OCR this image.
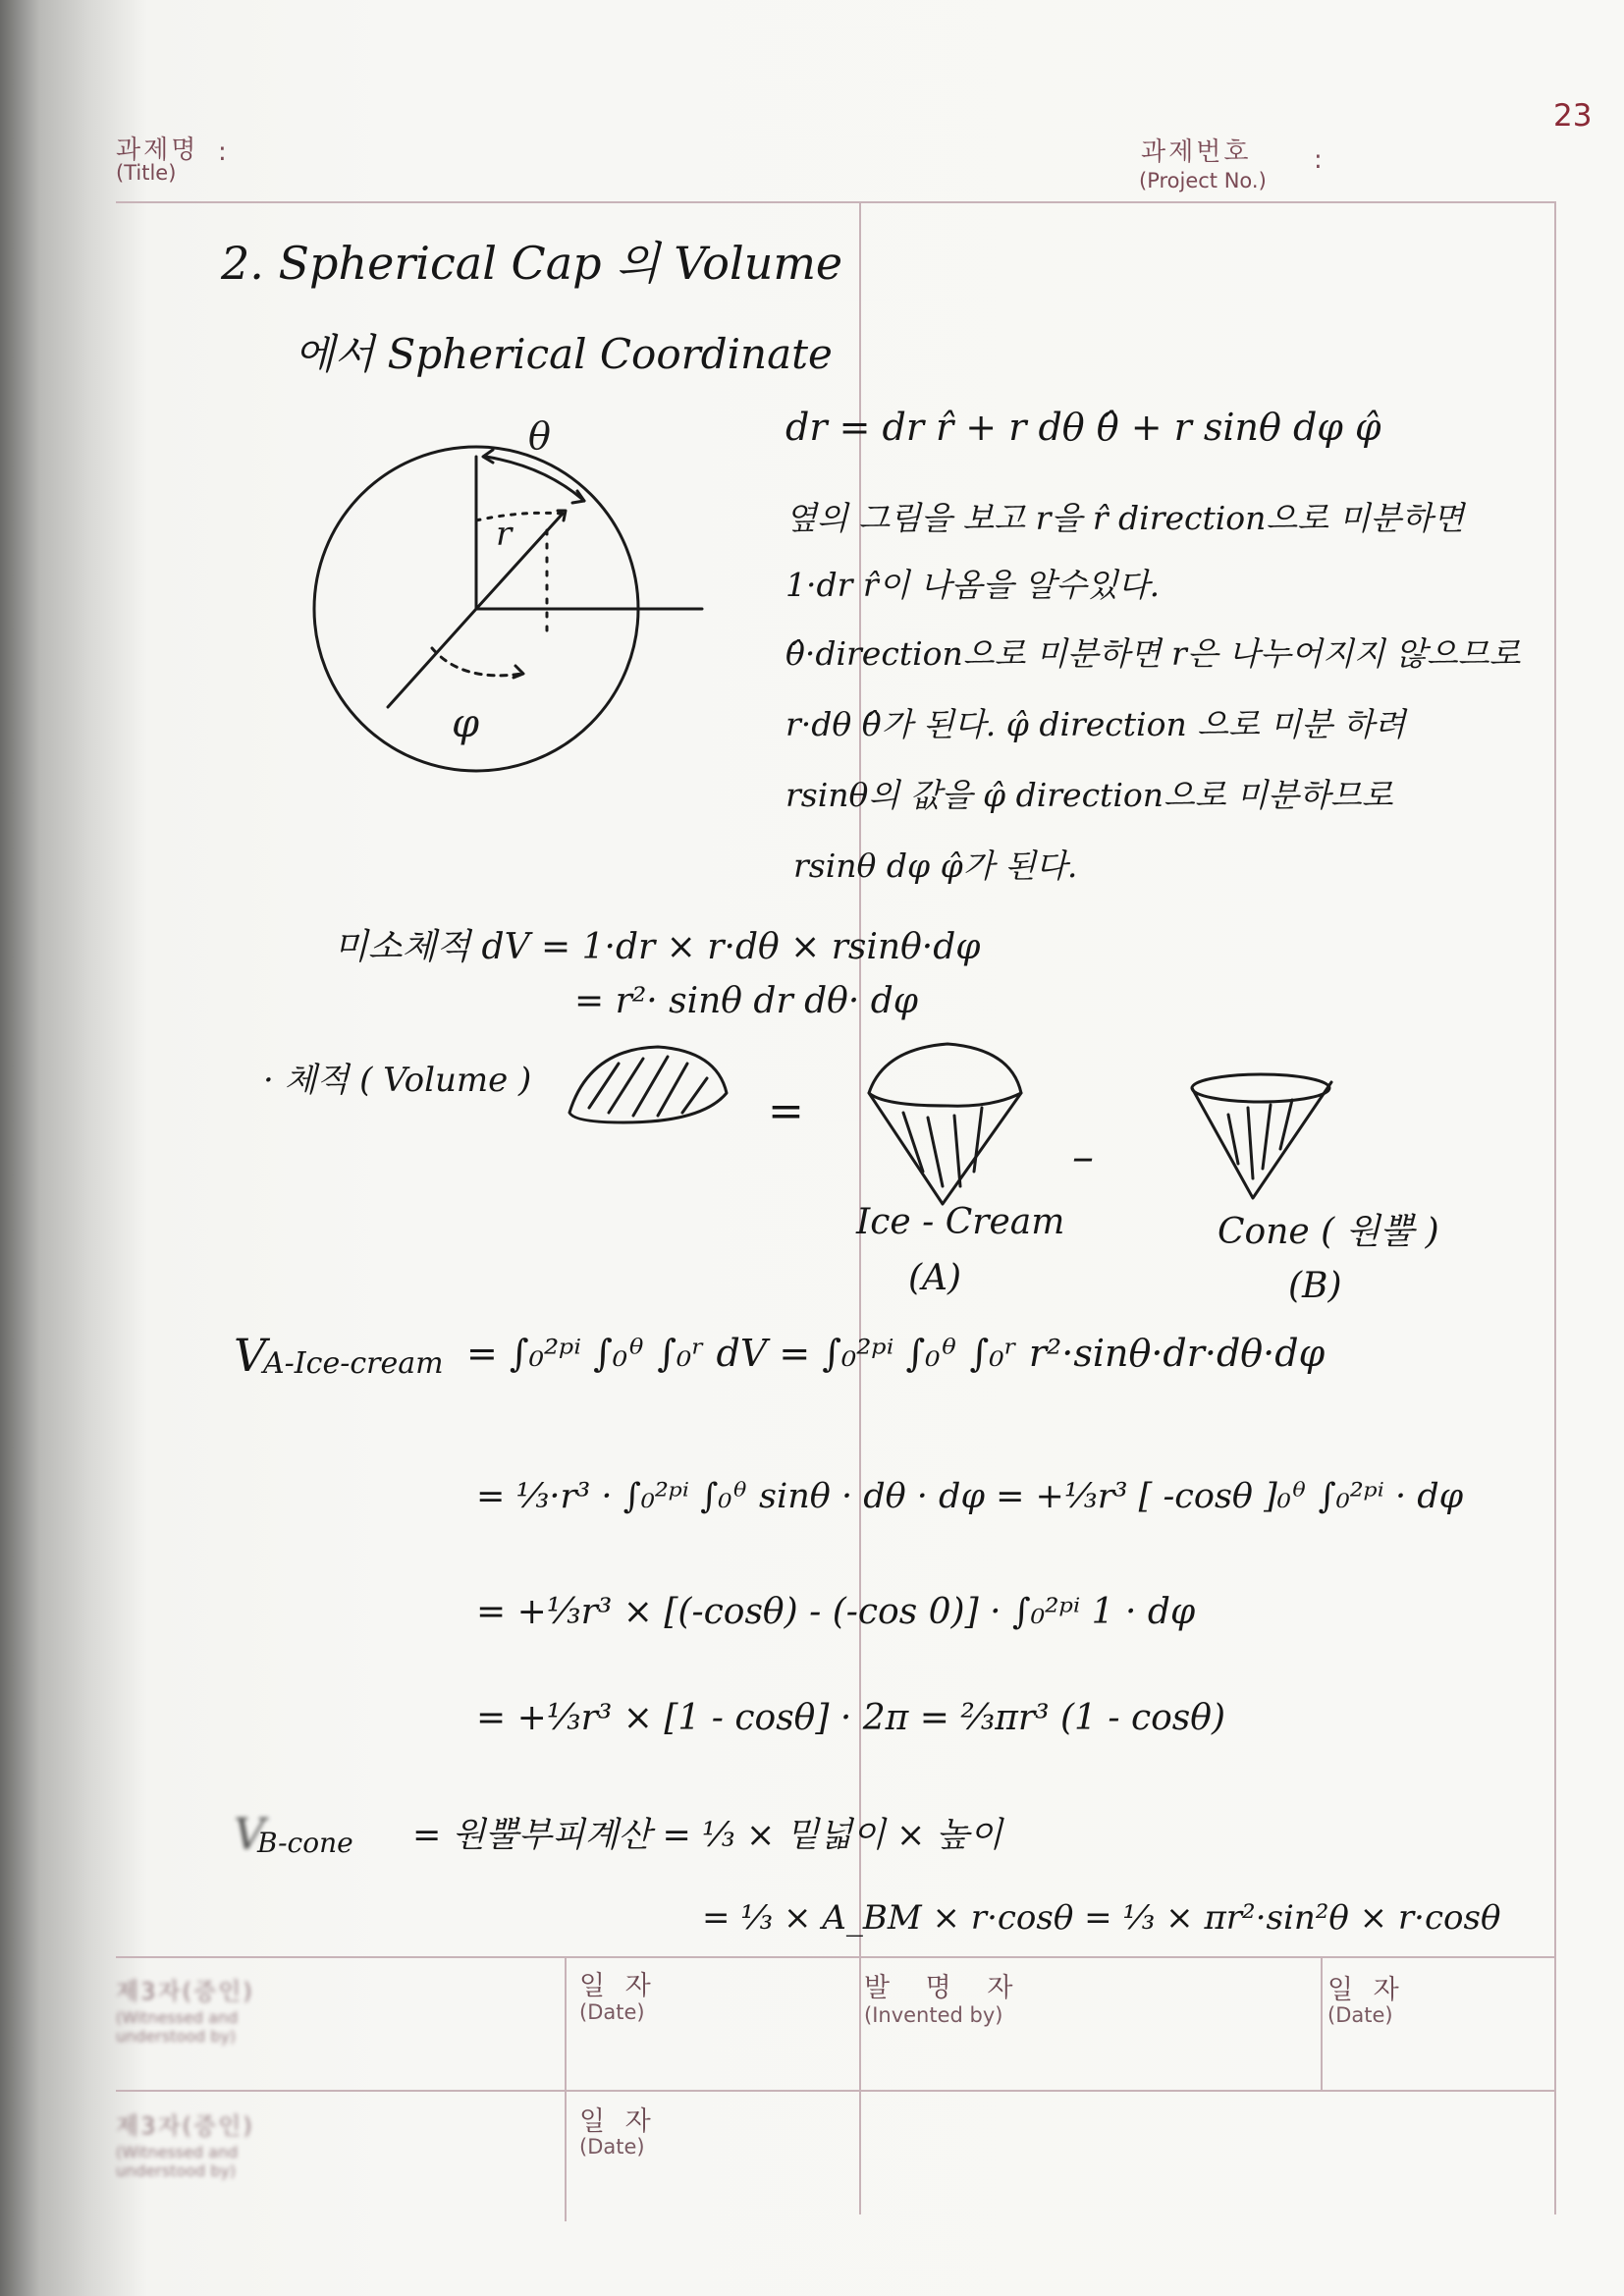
23
과제명 :
(Title)
과제번호 :
(Project No.)
2. Spherical Cap 의 Volume
에서 Spherical Coordinate
θ
r
φ
dr = dr r̂ + r dθ θ̂ + r sinθ dφ φ̂
옆의 그림을 보고 r을 r̂ direction으로 미분하면
1·dr r̂이 나옴을 알수있다.
θ̂·direction으로 미분하면 r은 나누어지지 않으므로
r·dθ θ̂가 된다. φ̂ direction 으로 미분 하려
rsinθ의 값을 φ̂ direction으로 미분하므로
rsinθ dφ φ̂가 된다.
미소체적 dV = 1·dr × r·dθ × rsinθ·dφ
= r²· sinθ dr dθ· dφ
· 체적 ( Volume )
=
–
Ice - Cream
(A)
Cone ( 원뿔 )
(B)
V
A-Ice-cream = ∫₀²ᵖⁱ ∫₀ᶿ ∫₀ʳ dV = ∫₀²ᵖⁱ ∫₀ᶿ ∫₀ʳ r²·sinθ·dr·dθ·dφ
= ⅓·r³ · ∫₀²ᵖⁱ ∫₀ᶿ sinθ · dθ · dφ = +⅓r³ [ -cosθ ]₀ᶿ ∫₀²ᵖⁱ · dφ
= +⅓r³ × [(-cosθ) - (-cos 0)] · ∫₀²ᵖⁱ 1 · dφ
= +⅓r³ × [1 - cosθ] · 2π = ⅔πr³ (1 - cosθ)
V
B-cone = 원뿔부피계산 = ⅓ × 밑넓이 × 높이
= ⅓ × A_BM × r·cosθ = ⅓ × πr²·sin²θ × r·cosθ
제3자(증인)
(Witnessed and understood by)
일 자
(Date)
발 명 자
(Invented by)
일 자
(Date)
제3자(증인)
(Witnessed and understood by)
일 자
(Date)
